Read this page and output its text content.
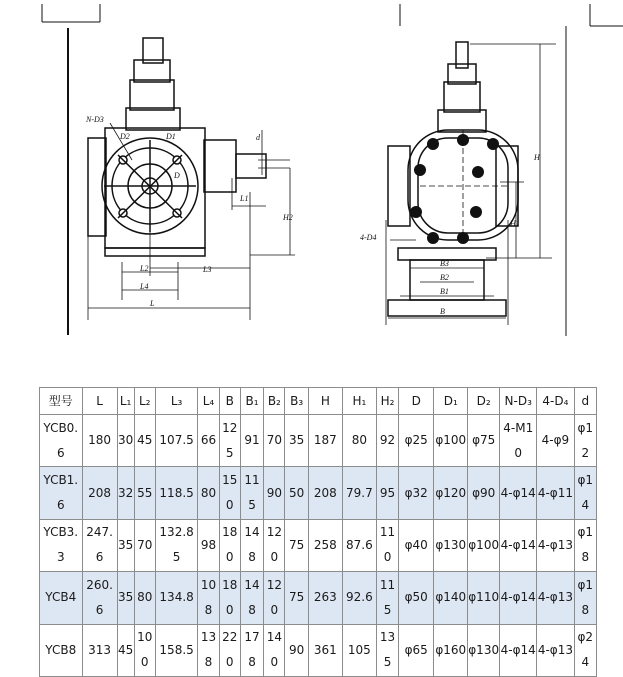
N-D3
D2	D1
D
d
H2
L1
L2	L3
L4
L
4-D4
H
H1
B3
B2
B1
B
型号	L	L₁	L₂	L₃	L₄	B	B₁	B₂	B₃	H	H₁	H₂	D	D₁	D₂	N-D₃	4-D₄	d
YCB0.6	180	30	45	107.5	66	125	91	70	35	187	80	92	φ25	φ100	φ75	4-M10	4-φ9	φ12
YCB1.6	208	32	55	118.5	80	150	115	90	50	208	79.7	95	φ32	φ120	φ90	4-φ14	4-φ11	φ14
YCB3.3	247.6	35	70	132.85	98	180	148	120	75	258	87.6	110	φ40	φ130	φ100	4-φ14	4-φ13	φ18
YCB4	260.6	35	80	134.8	108	180	148	120	75	263	92.6	115	φ50	φ140	φ110	4-φ14	4-φ13	φ18
YCB8	313	45	100	158.5	138	220	178	140	90	361	105	135	φ65	φ160	φ130	4-φ14	4-φ13	φ24
